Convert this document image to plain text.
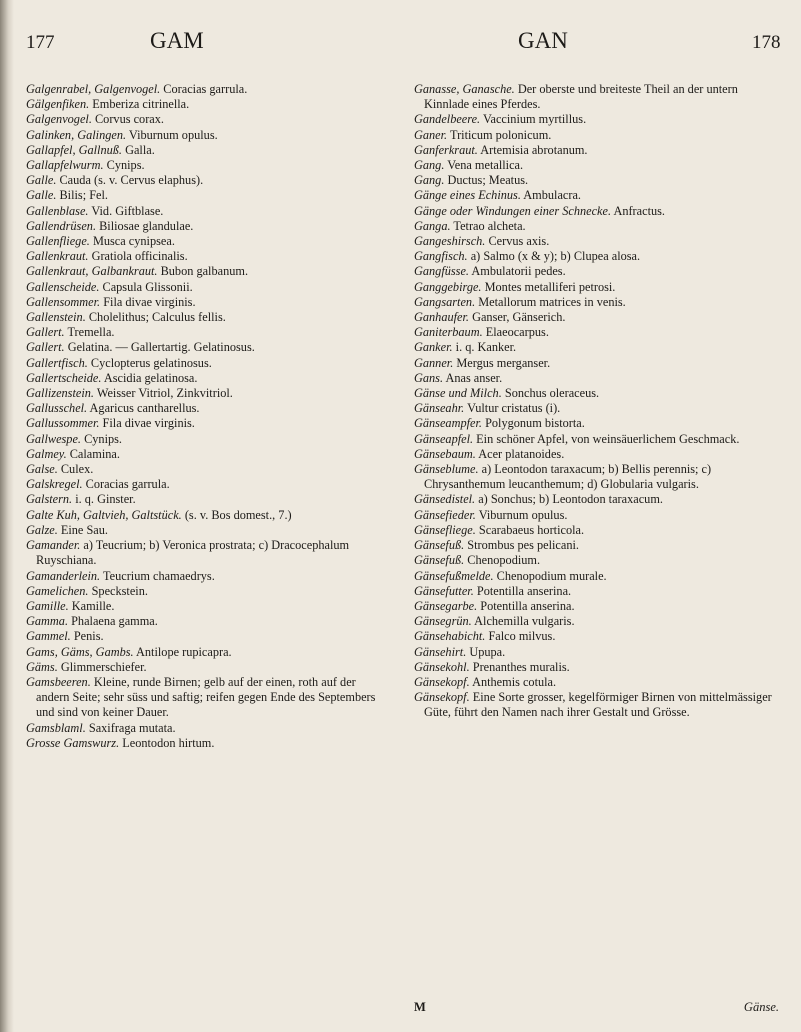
177	GAM	GAN	178

Galgenrabel, Galgenvogel. Coracias garrula.

Gälgenfiken. Emberiza citrinella.

Galgenvogel. Corvus corax.

Galinken, Galingen. Viburnum opulus.

Gallapfel, Gallnuß. Galla.

Gallapfelwurm. Cynips.

Galle. Cauda (s. v. Cervus elaphus).

Galle. Bilis; Fel.

Gallenblase. Vid. Giftblase.

Gallendrüsen. Biliosae glandulae.

Gallenfliege. Musca cynipsea.

Gallenkraut. Gratiola officinalis.

Gallenkraut, Galbankraut. Bubon galbanum.

Gallenscheide. Capsula Glissonii.

Gallensommer. Fila divae virginis.

Gallenstein. Cholelithus; Calculus fellis.

Gallert. Tremella.

Gallert. Gelatina. — Gallertartig. Gelatinosus.

Gallertfisch. Cyclopterus gelatinosus.

Gallertscheide. Ascidia gelatinosa.

Gallizenstein. Weisser Vitriol, Zinkvitriol.

Gallusschel. Agaricus cantharellus.

Gallussommer. Fila divae virginis.

Gallwespe. Cynips.

Galmey. Calamina.

Galse. Culex.

Galskregel. Coracias garrula.

Galstern. i. q. Ginster.

Galte Kuh, Galtvieh, Galtstück. (s. v. Bos domest., 7.)

Galze. Eine Sau.

Gamander. a) Teucrium; b) Veronica prostrata; c) Dracocephalum Ruyschiana.

Gamanderlein. Teucrium chamaedrys.

Gamelichen. Speckstein.

Gamille. Kamille.

Gamma. Phalaena gamma.

Gammel. Penis.

Gams, Gäms, Gambs. Antilope rupicapra.

Gäms. Glimmerschiefer.

Gamsbeeren. Kleine, runde Birnen; gelb auf der einen, roth auf der andern Seite; sehr süss und saftig; reifen gegen Ende des Septembers und sind von keiner Dauer.

Gamsblaml. Saxifraga mutata.

Grosse Gamswurz. Leontodon hirtum.

Ganasse, Ganasche. Der oberste und breiteste Theil an der untern Kinnlade eines Pferdes.

Gandelbeere. Vaccinium myrtillus.

Ganer. Triticum polonicum.

Ganferkraut. Artemisia abrotanum.

Gang. Vena metallica.

Gang. Ductus; Meatus.

Gänge eines Echinus. Ambulacra.

Gänge oder Windungen einer Schnecke. Anfractus.

Ganga. Tetrao alcheta.

Gangeshirsch. Cervus axis.

Gangfisch. a) Salmo (x & y); b) Clupea alosa.

Gangfüsse. Ambulatorii pedes.

Ganggebirge. Montes metalliferi petrosi.

Gangsarten. Metallorum matrices in venis.

Ganhaufer. Ganser, Gänserich.

Ganiterbaum. Elaeocarpus.

Ganker. i. q. Kanker.

Ganner. Mergus merganser.

Gans. Anas anser.

Gänse und Milch. Sonchus oleraceus.

Gänseahr. Vultur cristatus (i).

Gänseampfer. Polygonum bistorta.

Gänseapfel. Ein schöner Apfel, von weinsäuerlichem Geschmack.

Gänsebaum. Acer platanoides.

Gänseblume. a) Leontodon taraxacum; b) Bellis perennis; c) Chrysanthemum leucanthemum; d) Globularia vulgaris.

Gänsedistel. a) Sonchus; b) Leontodon taraxacum.

Gänsefieder. Viburnum opulus.

Gänsefliege. Scarabaeus horticola.

Gänsefuß. Strombus pes pelicani.

Gänsefuß. Chenopodium.

Gänsefußmelde. Chenopodium murale.

Gänsefutter. Potentilla anserina.

Gänsegarbe. Potentilla anserina.

Gänsegrün. Alchemilla vulgaris.

Gänsehabicht. Falco milvus.

Gänsehirt. Upupa.

Gänsekohl. Prenanthes muralis.

Gänsekopf. Anthemis cotula.

Gänsekopf. Eine Sorte grosser, kegelförmiger Birnen von mittelmässiger Güte, führt den Namen nach ihrer Gestalt und Grösse.

M	Gänse.
